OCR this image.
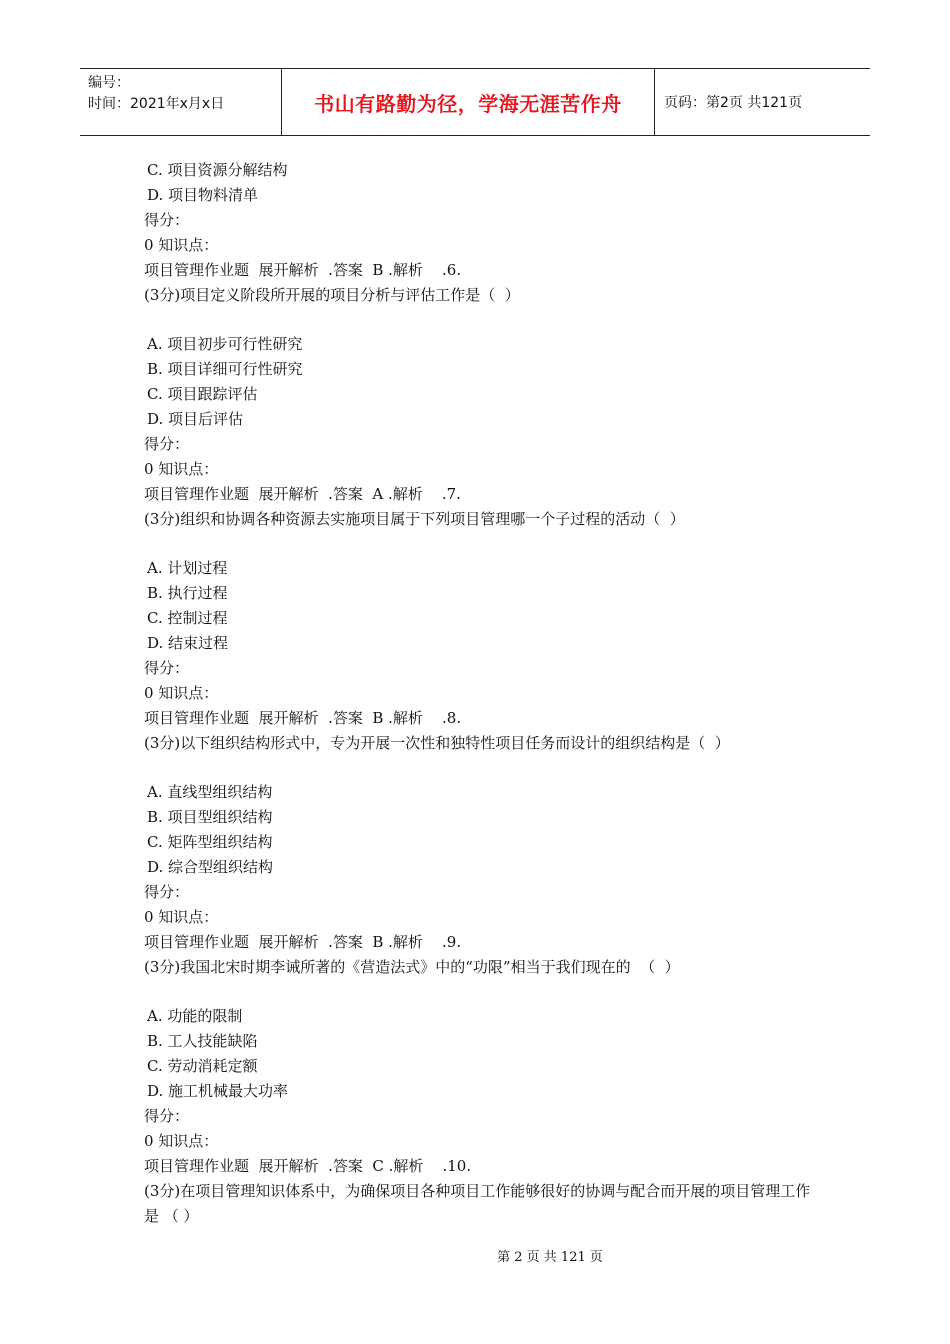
编号：
时间：2021年x月x日	书山有路勤为径，学海无涯苦作舟	页码：第2页 共121页
C. 项目资源分解结构
D. 项目物料清单
得分：
0 知识点：
项目管理作业题  展开解析  .答案  B .解析    .6.
(3分)项目定义阶段所开展的项目分析与评估工作是（  ）
A. 项目初步可行性研究
B. 项目详细可行性研究
C. 项目跟踪评估
D. 项目后评估
得分：
0 知识点：
项目管理作业题  展开解析  .答案  A .解析    .7.
(3分)组织和协调各种资源去实施项目属于下列项目管理哪一个子过程的活动（  ）
A. 计划过程
B. 执行过程
C. 控制过程
D. 结束过程
得分：
0 知识点：
项目管理作业题  展开解析  .答案  B .解析    .8.
(3分)以下组织结构形式中，专为开展一次性和独特性项目任务而设计的组织结构是（  ）
A. 直线型组织结构
B. 项目型组织结构
C. 矩阵型组织结构
D. 综合型组织结构
得分：
0 知识点：
项目管理作业题  展开解析  .答案  B .解析    .9.
(3分)我国北宋时期李诫所著的《营造法式》中的“功限”相当于我们现在的  （  ）
A. 功能的限制
B. 工人技能缺陷
C. 劳动消耗定额
D. 施工机械最大功率
得分：
0 知识点：
项目管理作业题  展开解析  .答案  C .解析    .10.
(3分)在项目管理知识体系中，为确保项目各种项目工作能够很好的协调与配合而开展的项目管理工作是 （ ）
第 2 页 共 121 页
